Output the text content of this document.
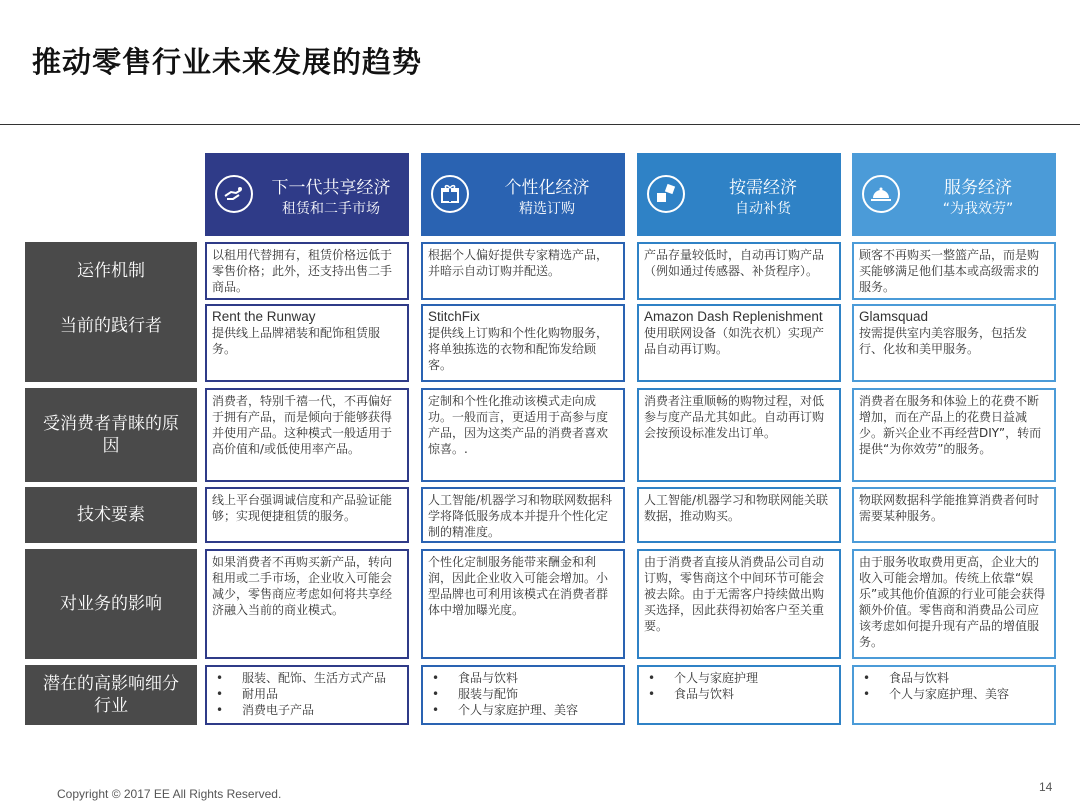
推动零售行业未来发展的趋势
下一代共享经济
租赁和二手市场
个性化经济
精选订购
按需经济
自动补货
服务经济
“为我效劳”
运作机制
当前的践行者
受消费者青睐的原
因
技术要素
对业务的影响
潜在的高影响细分
行业
以租用代替拥有，租赁价格远低于零售价格；此外，还支持出售二手商品。
Rent the Runway
提供线上品牌裙装和配饰租赁服务。
消费者，特别千禧一代，不再偏好于拥有产品，而是倾向于能够获得并使用产品。这种模式一般适用于高价值和/或低使用率产品。
线上平台强调诚信度和产品验证能够；实现便捷租赁的服务。
如果消费者不再购买新产品，转向租用或二手市场，企业收入可能会减少，零售商应考虑如何将共享经济融入当前的商业模式。
• 服装、配饰、生活方式产品
• 耐用品
• 消费电子产品
根据个人偏好提供专家精选产品，并暗示自动订购并配送。
StitchFix
提供线上订购和个性化购物服务，将单独拣选的衣物和配饰发给顾客。
定制和个性化推动该模式走向成功。一般而言，更适用于高参与度产品，因为这类产品的消费者喜欢惊喜。.
人工智能/机器学习和物联网数据科学将降低服务成本并提升个性化定制的精准度。
个性化定制服务能带来酬金和利润，因此企业收入可能会增加。小型品牌也可利用该模式在消费者群体中增加曝光度。
• 食品与饮料
• 服装与配饰
• 个人与家庭护理、美容
产品存量较低时，自动再订购产品（例如通过传感器、补货程序）。
Amazon Dash Replenishment
使用联网设备（如洗衣机）实现产品自动再订购。
消费者注重顺畅的购物过程，对低参与度产品尤其如此。自动再订购会按预设标准发出订单。
人工智能/机器学习和物联网能关联数据，推动购买。
由于消费者直接从消费品公司自动订购，零售商这个中间环节可能会被去除。由于无需客户持续做出购买选择，因此获得初始客户至关重要。
• 个人与家庭护理
• 食品与饮料
顾客不再购买一整篮产品，而是购买能够满足他们基本或高级需求的服务。
Glamsquad
按需提供室内美容服务，包括发行、化妆和美甲服务。
消费者在服务和体验上的花费不断增加，而在产品上的花费日益减少。新兴企业不再经营DIY”，转而提供“为你效劳”的服务。
物联网数据科学能推算消费者何时需要某种服务。
由于服务收取费用更高，企业大的收入可能会增加。传统上依靠“娱乐”或其他价值源的行业可能会获得额外价值。零售商和消费品公司应该考虑如何提升现有产品的增值服务。
• 食品与饮料
• 个人与家庭护理、美容
Copyright © 2017 EE All Rights Reserved.	14
